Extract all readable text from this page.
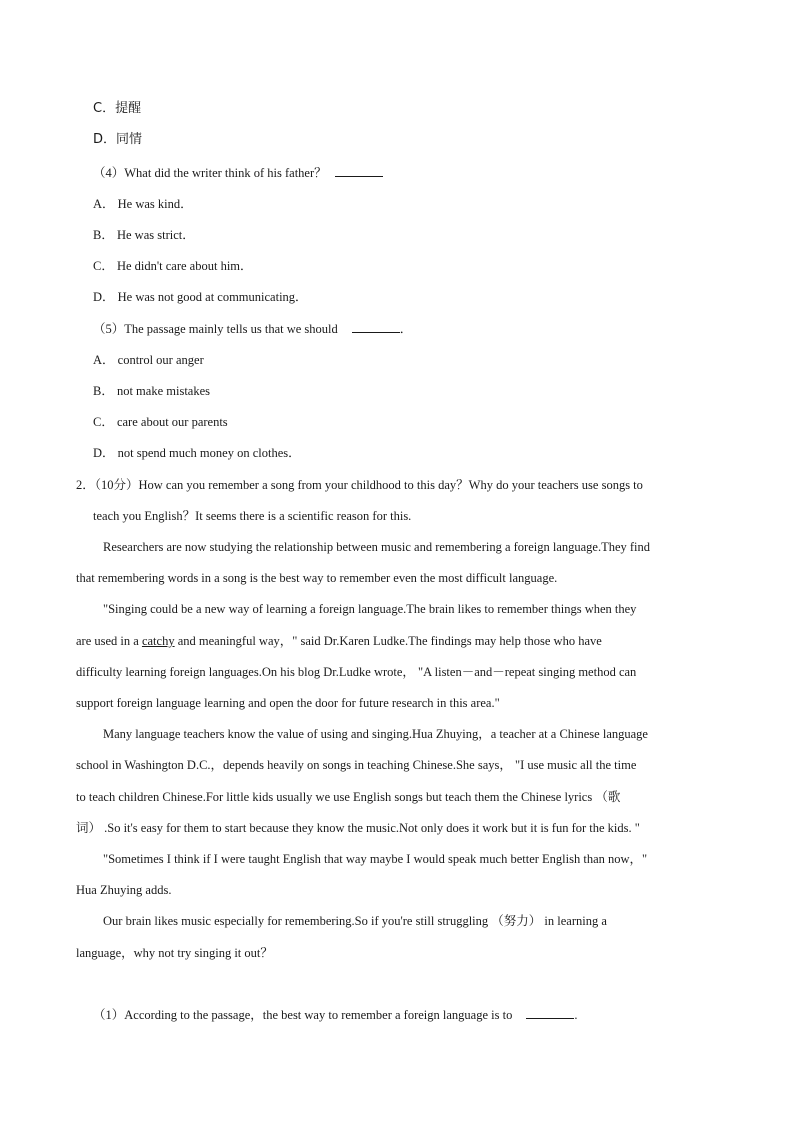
C．提醒
D．同情
（4）What did the writer think of his father？
A． He was kind．
B． He was strict．
C． He didn't care about him．
D． He was not good at communicating．
（5）The passage mainly tells us that we should	．
A． control our anger
B． not make mistakes
C． care about our parents
D． not spend much money on clothes．
2．（10分）How can you remember a song from your childhood to this day？Why do your teachers use songs to
teach you English？It seems there is a scientific reason for this.
Researchers are now studying the relationship between music and remembering a foreign language.They find
that remembering words in a song is the best way to remember even the most difficult language.
"Singing could be a new way of learning a foreign language.The brain likes to remember things when they
are used in a catchy and meaningful way，" said Dr.Karen Ludke.The findings may help those who have
difficulty learning foreign languages.On his blog Dr.Ludke wrote， "A listen－and－repeat singing method can
support foreign language learning and open the door for future research in this area."
Many language teachers know the value of using and singing.Hua Zhuying，a teacher at a Chinese language
school in Washington D.C.，depends heavily on songs in teaching Chinese.She says， "I use music all the time
to teach children Chinese.For little kids usually we use English songs but teach them the Chinese lyrics （歌
词） .So it's easy for them to start because they know the music.Not only does it work but it is fun for the kids. "
"Sometimes I think if I were taught English that way maybe I would speak much better English than now，"
Hua Zhuying adds.
Our brain likes music especially for remembering.So if you're still struggling （努力） in learning a
language，why not try singing it out？
（1）According to the passage，the best way to remember a foreign language is to	.
